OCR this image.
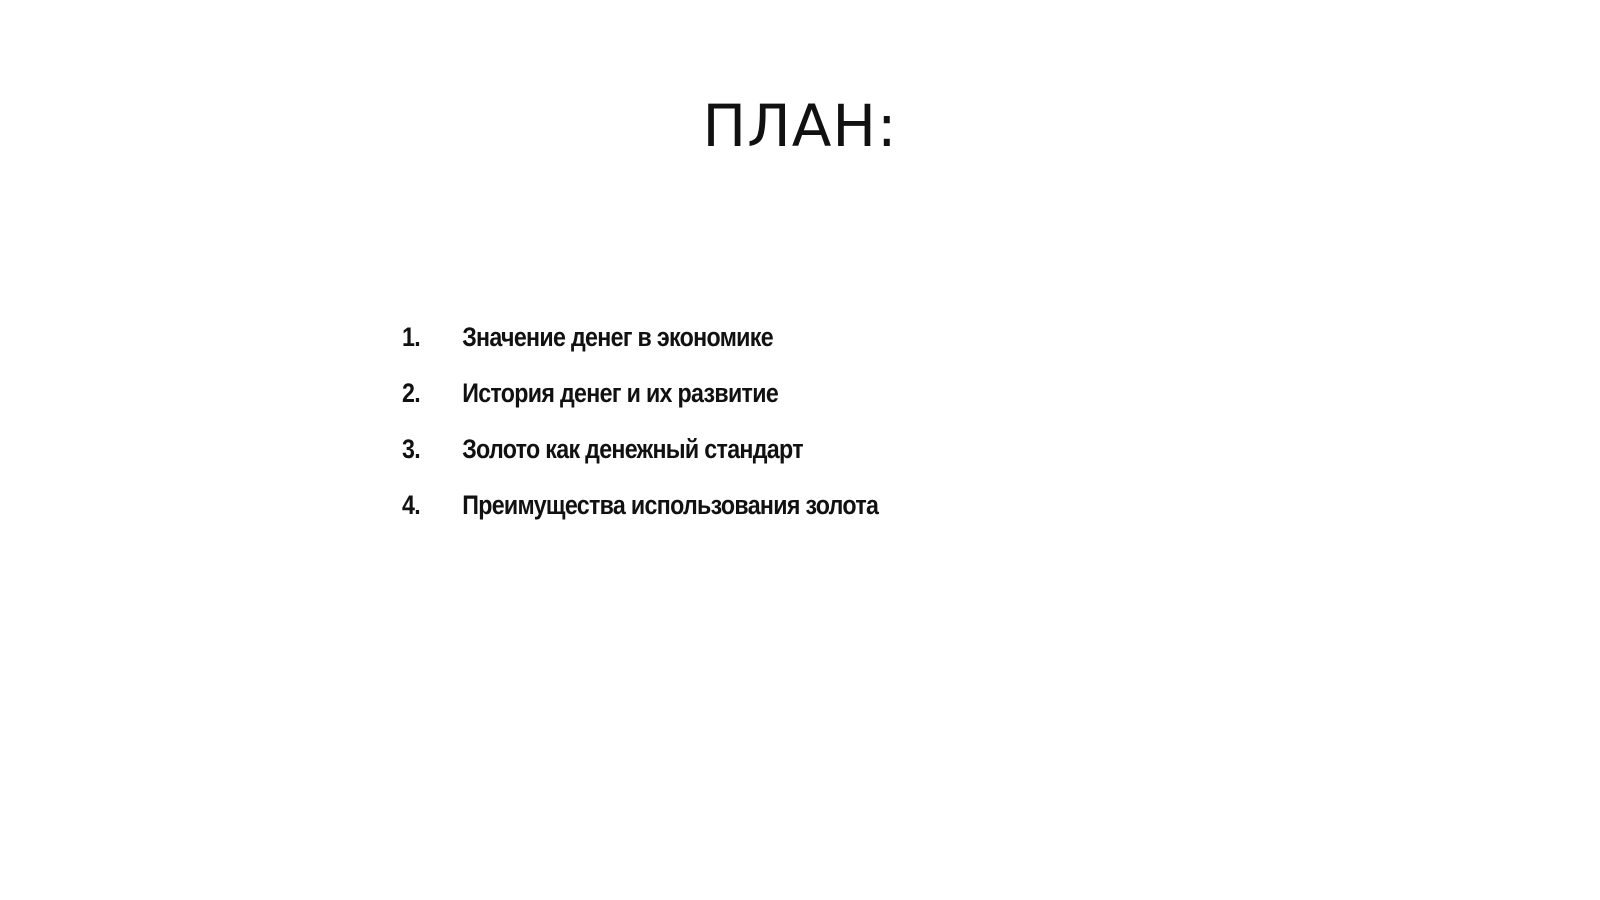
ПЛАН:
1.	Значение денег в экономике
2.	История денег и их развитие
3.	Золото как денежный стандарт
4.	Преимущества использования золота
